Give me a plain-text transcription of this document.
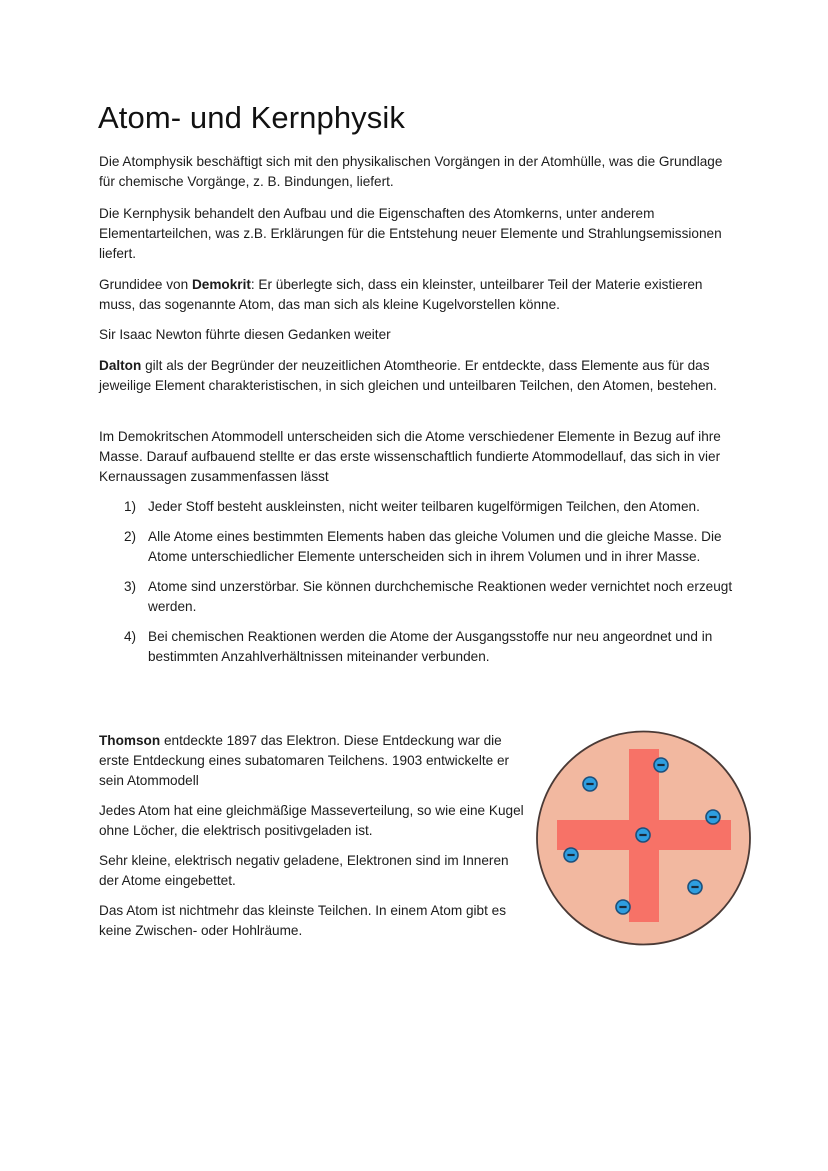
Atom- und Kernphysik

Die Atomphysik beschäftigt sich mit den physikalischen Vorgängen in der Atomhülle, was die Grundlage für chemische Vorgänge, z. B. Bindungen, liefert.

Die Kernphysik behandelt den Aufbau und die Eigenschaften des Atomkerns, unter anderem Elementarteilchen, was z.B. Erklärungen für die Entstehung neuer Elemente und Strahlungsemissionen liefert.

Grundidee von Demokrit: Er überlegte sich, dass ein kleinster, unteilbarer Teil der Materie existieren muss, das sogenannte Atom, das man sich als kleine Kugelvorstellen könne.

Sir Isaac Newton führte diesen Gedanken weiter

Dalton gilt als der Begründer der neuzeitlichen Atomtheorie. Er entdeckte, dass Elemente aus für das jeweilige Element charakteristischen, in sich gleichen und unteilbaren Teilchen, den Atomen, bestehen.

Im Demokritschen Atommodell unterscheiden sich die Atome verschiedener Elemente in Bezug auf ihre Masse. Darauf aufbauend stellte er das erste wissenschaftlich fundierte Atommodellauf, das sich in vier Kernaussagen zusammenfassen lässt

1) Jeder Stoff besteht auskleinsten, nicht weiter teilbaren kugelförmigen Teilchen, den Atomen.
2) Alle Atome eines bestimmten Elements haben das gleiche Volumen und die gleiche Masse. Die Atome unterschiedlicher Elemente unterscheiden sich in ihrem Volumen und in ihrer Masse.
3) Atome sind unzerstörbar. Sie können durchchemische Reaktionen weder vernichtet noch erzeugt werden.
4) Bei chemischen Reaktionen werden die Atome der Ausgangsstoffe nur neu angeordnet und in bestimmten Anzahlverhältnissen miteinander verbunden.

Thomson entdeckte 1897 das Elektron. Diese Entdeckung war die erste Entdeckung eines subatomaren Teilchens. 1903 entwickelte er sein Atommodell

Jedes Atom hat eine gleichmäßige Masseverteilung, so wie eine Kugel ohne Löcher, die elektrisch positivgeladen ist.

Sehr kleine, elektrisch negativ geladene, Elektronen sind im Inneren der Atome eingebettet.

Das Atom ist nichtmehr das kleinste Teilchen. In einem Atom gibt es keine Zwischen- oder Hohlräume.
